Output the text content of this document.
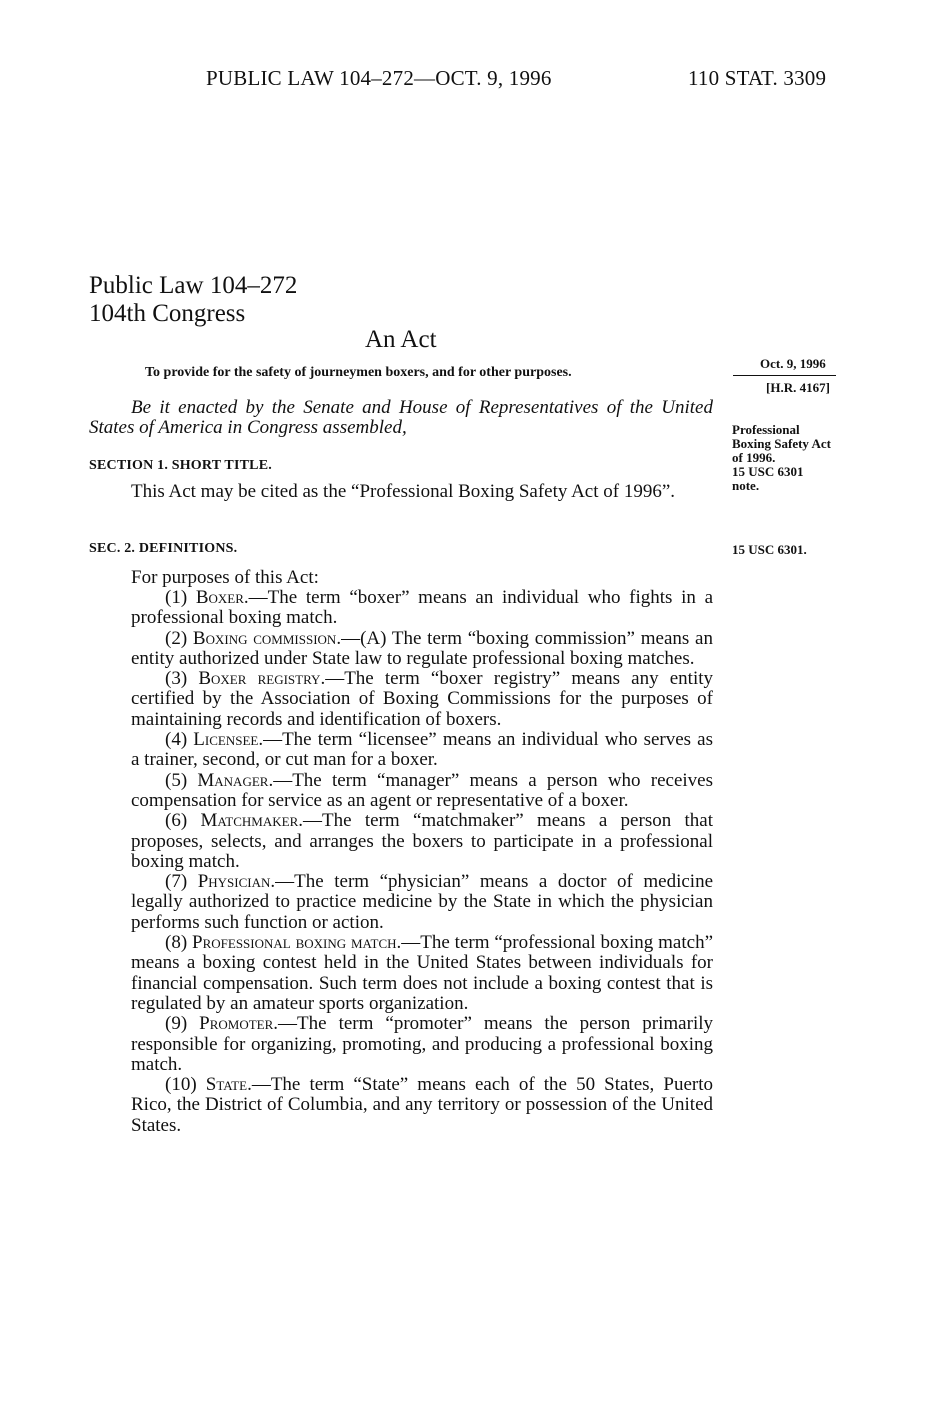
PUBLIC LAW 104–272—OCT. 9, 1996	110 STAT. 3309
Public Law 104–272
104th Congress
An Act
To provide for the safety of journeymen boxers, and for other purposes.
Oct. 9, 1996
[H.R. 4167]
Professional Boxing Safety Act of 1996.
15 USC 6301 note.
15 USC 6301.
Be it enacted by the Senate and House of Representatives of the United States of America in Congress assembled,
SECTION 1. SHORT TITLE.
This Act may be cited as the “Professional Boxing Safety Act of 1996”.
SEC. 2. DEFINITIONS.
For purposes of this Act:

(1) Boxer.—The term “boxer” means an individual who fights in a professional boxing match.

(2) Boxing commission.—(A) The term “boxing commission” means an entity authorized under State law to regulate professional boxing matches.

(3) Boxer registry.—The term “boxer registry” means any entity certified by the Association of Boxing Commissions for the purposes of maintaining records and identification of boxers.

(4) Licensee.—The term “licensee” means an individual who serves as a trainer, second, or cut man for a boxer.

(5) Manager.—The term “manager” means a person who receives compensation for service as an agent or representative of a boxer.

(6) Matchmaker.—The term “matchmaker” means a person that proposes, selects, and arranges the boxers to participate in a professional boxing match.

(7) Physician.—The term “physician” means a doctor of medicine legally authorized to practice medicine by the State in which the physician performs such function or action.

(8) Professional boxing match.—The term “professional boxing match” means a boxing contest held in the United States between individuals for financial compensation. Such term does not include a boxing contest that is regulated by an amateur sports organization.

(9) Promoter.—The term “promoter” means the person primarily responsible for organizing, promoting, and producing a professional boxing match.

(10) State.—The term “State” means each of the 50 States, Puerto Rico, the District of Columbia, and any territory or possession of the United States.
